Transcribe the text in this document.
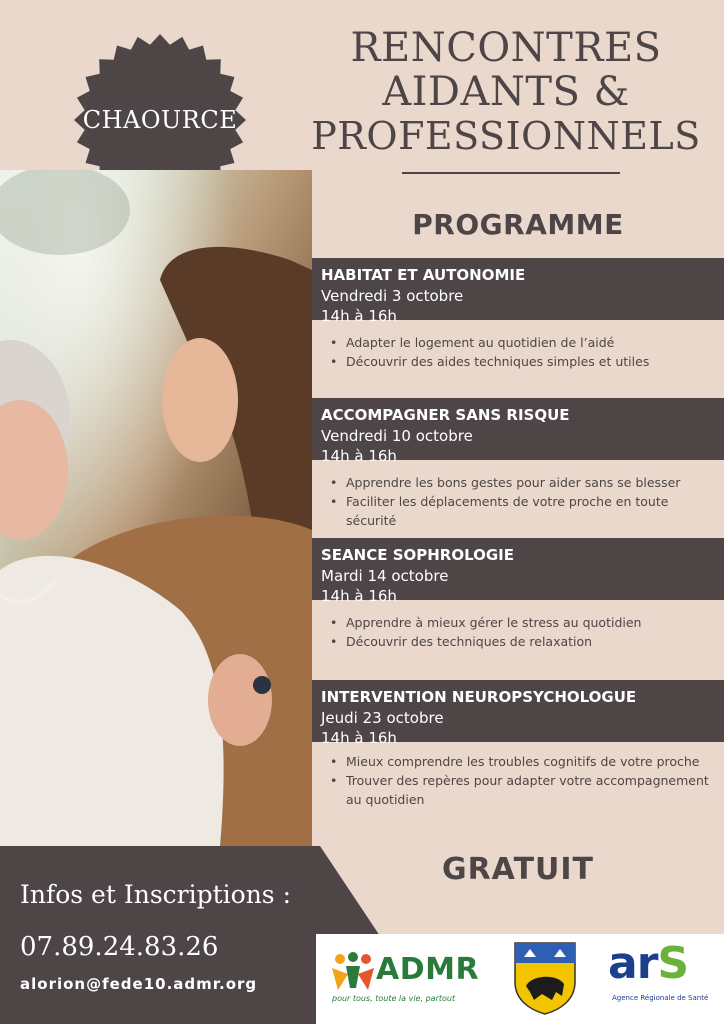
CHAOURCE
RENCONTRES
AIDANTS &
PROFESSIONNELS
PROGRAMME
HABITAT ET AUTONOMIE
Vendredi 3 octobre
14h à 16h
• Adapter le logement au quotidien de l’aidé
• Découvrir des aides techniques simples et utiles
ACCOMPAGNER SANS RISQUE
Vendredi 10 octobre
14h à 16h
• Apprendre les bons gestes pour aider sans se blesser
• Faciliter les déplacements de votre proche en toute sécurité
SEANCE SOPHROLOGIE
Mardi 14 octobre
14h à 16h
• Apprendre à mieux gérer le stress au quotidien
• Découvrir des techniques de relaxation
INTERVENTION NEUROPSYCHOLOGUE
Jeudi 23 octobre
14h à 16h
• Mieux comprendre les troubles cognitifs de votre proche
• Trouver des repères pour adapter votre accompagnement au quotidien
GRATUIT
Infos et Inscriptions :
07.89.24.83.26
alorion@fede10.admr.org	ADMR
pour tous, toute la vie, partout
arS
Agence Régionale de Santé
